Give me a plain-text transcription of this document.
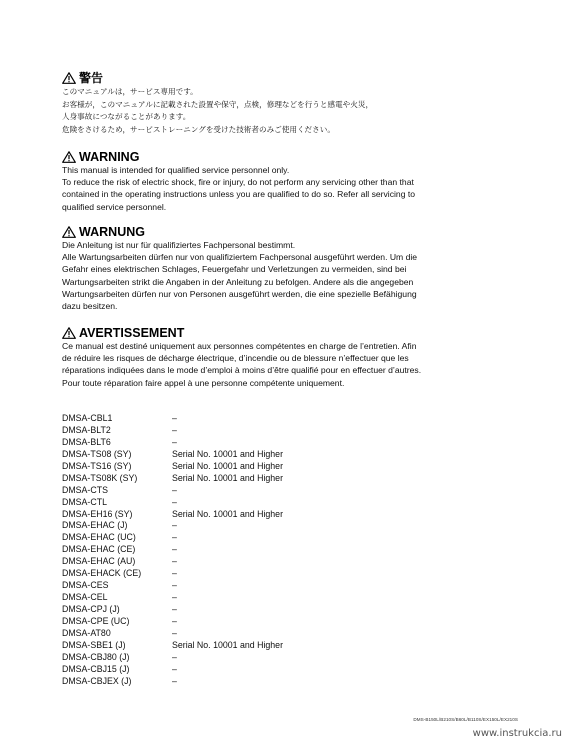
警告
このマニュアルは，サービス専用です。
お客様が，このマニュアルに記載された設置や保守，点検，修理などを行うと感電や火災，
人身事故につながることがあります。
危険をさけるため，サービストレーニングを受けた技術者のみご使用ください。
WARNING
This manual is intended for qualified service personnel only.
To reduce the risk of electric shock, fire or injury, do not perform any servicing other than that
contained in the operating instructions unless you are qualified to do so. Refer all servicing to
qualified service personnel.
WARNUNG
Die Anleitung ist nur für qualifiziertes Fachpersonal bestimmt.
Alle Wartungsarbeiten dürfen nur von qualifiziertem Fachpersonal ausgeführt werden. Um die
Gefahr eines elektrischen Schlages, Feuergefahr und Verletzungen zu vermeiden, sind bei
Wartungsarbeiten strikt die Angaben in der Anleitung zu befolgen. Andere als die angegeben
Wartungsarbeiten dürfen nur von Personen ausgeführt werden, die eine spezielle Befähigung
dazu besitzen.
AVERTISSEMENT
Ce manual est destiné uniquement aux personnes compétentes en charge de l’entretien. Afin
de réduire les risques de décharge électrique, d’incendie ou de blessure n’effectuer que les
réparations indiquées dans le mode d’emploi à moins d’être qualifié pour en effectuer d’autres.
Pour toute réparation faire appel à une personne compétente uniquement.
DMSA-CBL1	–
DMSA-BLT2	–
DMSA-BLT6	–
DMSA-TS08 (SY)	Serial No. 10001 and Higher
DMSA-TS16 (SY)	Serial No. 10001 and Higher
DMSA-TS08K (SY)	Serial No. 10001 and Higher
DMSA-CTS	–
DMSA-CTL	–
DMSA-EH16 (SY)	Serial No. 10001 and Higher
DMSA-EHAC (J)	–
DMSA-EHAC (UC)	–
DMSA-EHAC (CE)	–
DMSA-EHAC (AU)	–
DMSA-EHACK (CE)	–
DMSA-CES	–
DMSA-CEL	–
DMSA-CPJ (J)	–
DMSA-CPE (UC)	–
DMSA-AT80	–
DMSA-SBE1 (J)	Serial No. 10001 and Higher
DMSA-CBJ80 (J)	–
DMSA-CBJ15 (J)	–
DMSA-CBJEX (J)	–
DMS-B150L/B210S/B60L/B110S/EX150L/EX210S
www.instrukcia.ru
